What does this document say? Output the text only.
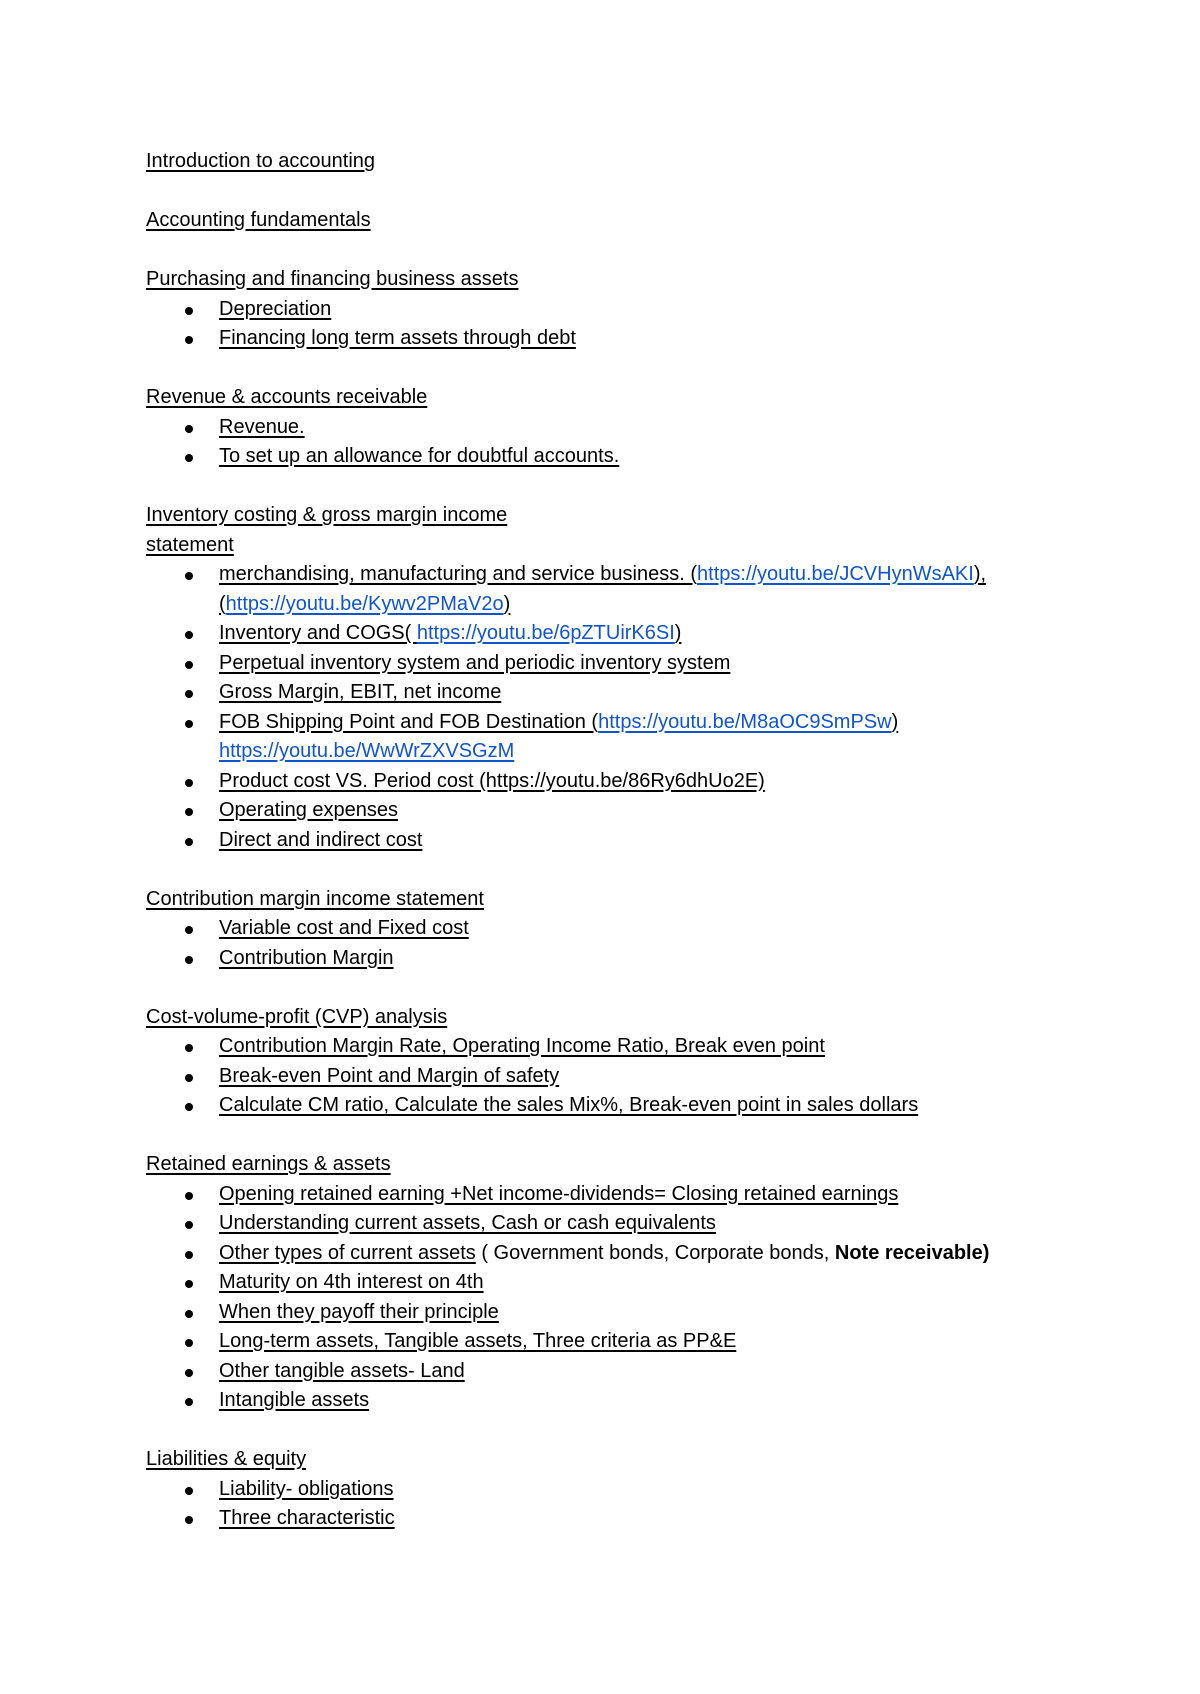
Introduction to accounting
Accounting fundamentals
Purchasing and financing business assets
Depreciation
Financing long term assets through debt
Revenue & accounts receivable
Revenue.
To set up an allowance for doubtful accounts.
Inventory costing & gross margin income statement
merchandising, manufacturing and service business. (https://youtu.be/JCVHynWsAKI), (https://youtu.be/Kywv2PMaV2o)
Inventory and COGS( https://youtu.be/6pZTUirK6SI)
Perpetual inventory system and periodic inventory system
Gross Margin, EBIT, net income
FOB Shipping Point and FOB Destination (https://youtu.be/M8aOC9SmPSw) https://youtu.be/WwWrZXVSGzM
Product cost VS. Period cost (https://youtu.be/86Ry6dhUo2E)
Operating expenses
Direct and indirect cost
Contribution margin income statement
Variable cost and Fixed cost
Contribution Margin
Cost-volume-profit (CVP) analysis
Contribution Margin Rate, Operating Income Ratio, Break even point
Break-even Point and Margin of safety
Calculate CM ratio, Calculate the sales Mix%, Break-even point in sales dollars
Retained earnings & assets
Opening retained earning +Net income-dividends= Closing retained earnings
Understanding current assets, Cash or cash equivalents
Other types of current assets ( Government bonds, Corporate bonds, Note receivable)
Maturity on 4th interest on 4th
When they payoff their principle
Long-term assets, Tangible assets, Three criteria as PP&E
Other tangible assets- Land
Intangible assets
Liabilities & equity
Liability- obligations
Three characteristic
